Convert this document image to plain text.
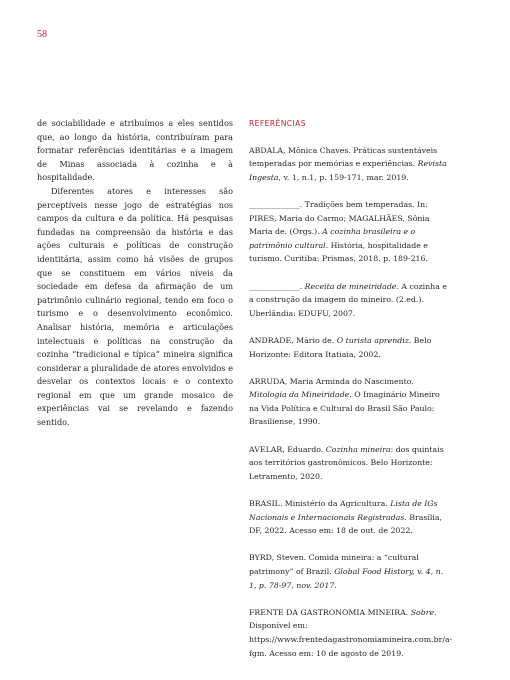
58

de sociabilidade e atribuímos a eles sentidos que, ao longo da história, contribuíram para formatar referências identitárias e a imagem de Minas associada à cozinha e à hospitalidade.

Diferentes atores e interesses são perceptíveis nesse jogo de estratégias nos campos da cultura e da política. Há pesquisas fundadas na compreensão da história e das ações culturais e políticas de construção identitária, assim como há visões de grupos que se constituem em vários níveis da sociedade em defesa da afirmação de um patrimônio culinário regional, tendo em foco o turismo e o desenvolvimento econômico. Analisar história, memória e articulações intelectuais e políticas na construção da cozinha “tradicional e típica” mineira significa considerar a pluralidade de atores envolvidos e desvelar os contextos locais e o contexto regional em que um grande mosaico de experiências vai se revelando e fazendo sentido.

REFERÊNCIAS
ABDALA, Mônica Chaves. Práticas sustentáveis temperadas por memórias e experiências. Revista Ingesta, v. 1, n.1, p. 159-171, mar. 2019.
_____________. Tradições bem temperadas. In: PIRES, Maria do Carmo; MAGALHÃES, Sônia Maria de. (Orgs.). A cozinha brasileira e o patrimônio cultural. História, hospitalidade e turismo. Curitiba: Prismas, 2018. p. 189-216.
_____________. Receita de mineiridade. A cozinha e a construção da imagem do mineiro. (2.ed.). Uberlândia: EDUFU, 2007.
ANDRADE, Mário de. O turista aprendiz. Belo Horizonte: Editora Itatiaia, 2002.
ARRUDA, Maria Arminda do Nascimento. Mitologia da Mineiridade. O Imaginário Mineiro na Vida Política e Cultural do Brasil São Paulo: Brasiliense, 1990.
AVELAR, Eduardo. Cozinha mineira: dos quintais aos territórios gastronômicos. Belo Horizonte: Letramento, 2020.
BRASIL. Ministério da Agricultura. Lista de IGs Nacionais e Internacionais Registradas. Brasília, DF, 2022. Acesso em: 18 de out. de 2022.
BYRD, Steven. Comida mineira: a “cultural patrimony” of Brazil. Global Food History, v. 4, n. 1, p. 78-97, nov. 2017.
FRENTE DA GASTRONOMIA MINEIRA. Sobre. Disponível em: https://www.frentedagastronomiamineira.com.br/a-fgm. Acesso em: 10 de agosto de 2019.
